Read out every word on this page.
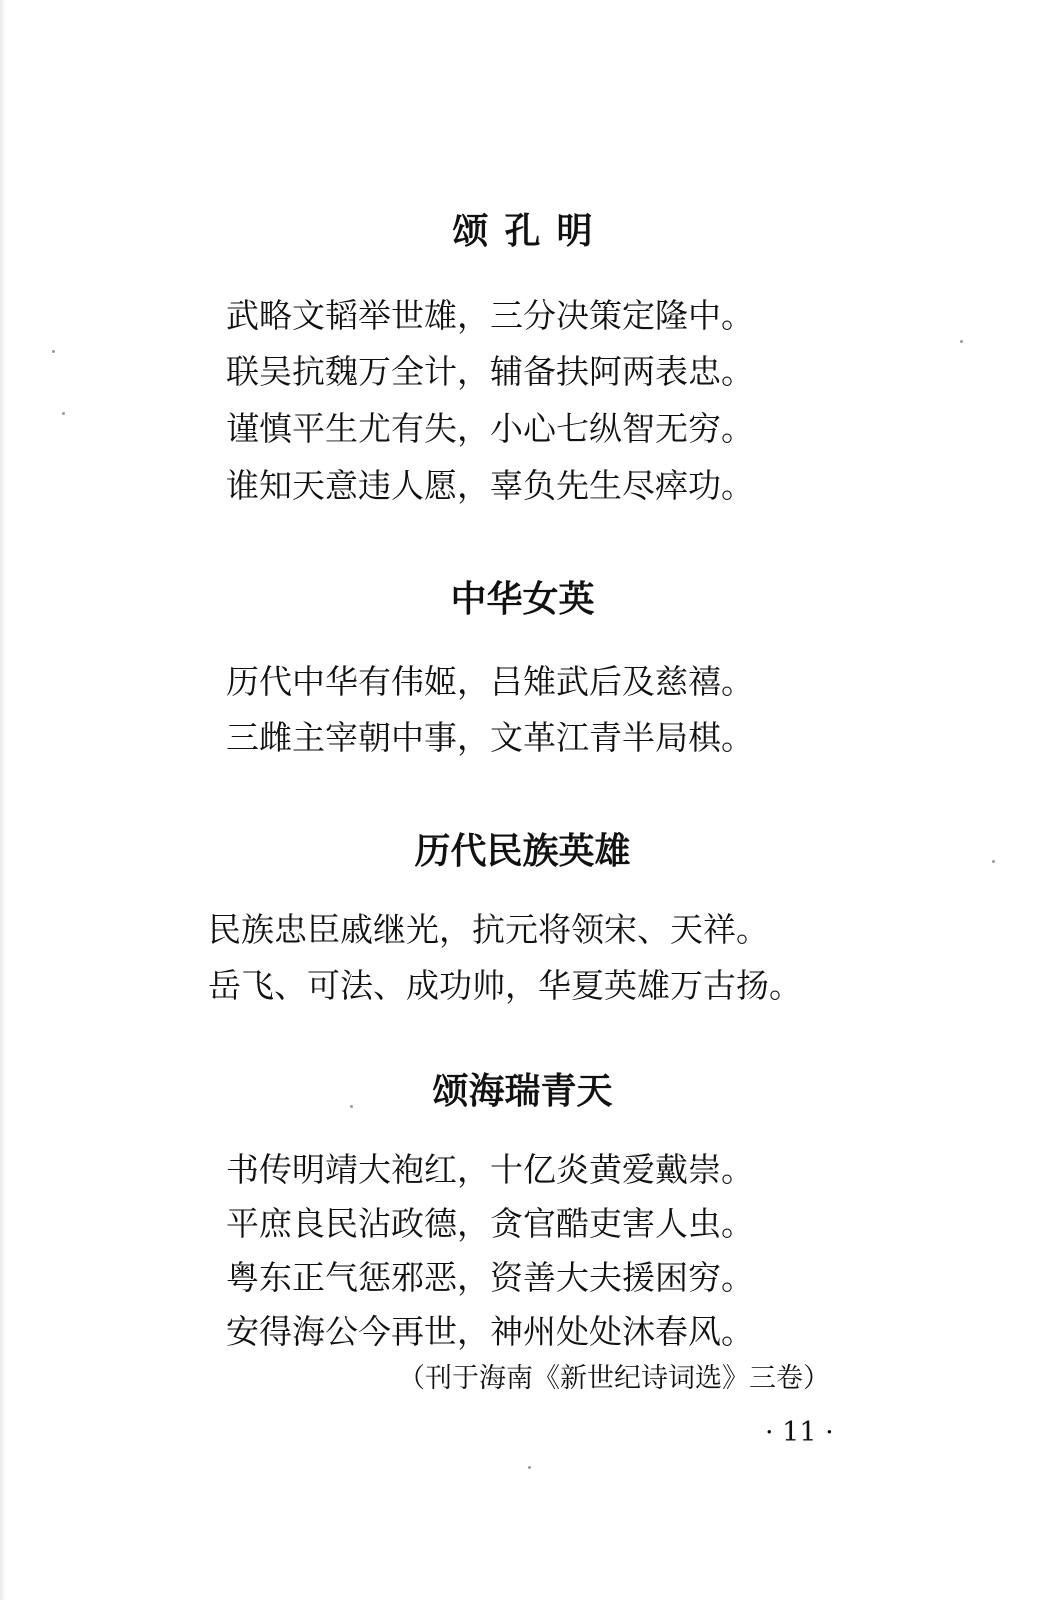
颂孔明

武略文韬举世雄，三分决策定隆中。

联吴抗魏万全计，辅备扶阿两表忠。

谨慎平生尤有失，小心七纵智无穷。

谁知天意违人愿，辜负先生尽瘁功。

中华女英

历代中华有伟姬，吕雉武后及慈禧。

三雌主宰朝中事，文革江青半局棋。

历代民族英雄

民族忠臣戚继光，抗元将领宋、天祥。

岳飞、可法、成功帅，华夏英雄万古扬。

颂海瑞青天

书传明靖大袍红，十亿炎黄爱戴崇。

平庶良民沾政德，贪官酷吏害人虫。

粤东正气惩邪恶，资善大夫援困穷。

安得海公今再世，神州处处沐春风。

（刊于海南《新世纪诗词选》三卷）
· 11 ·
